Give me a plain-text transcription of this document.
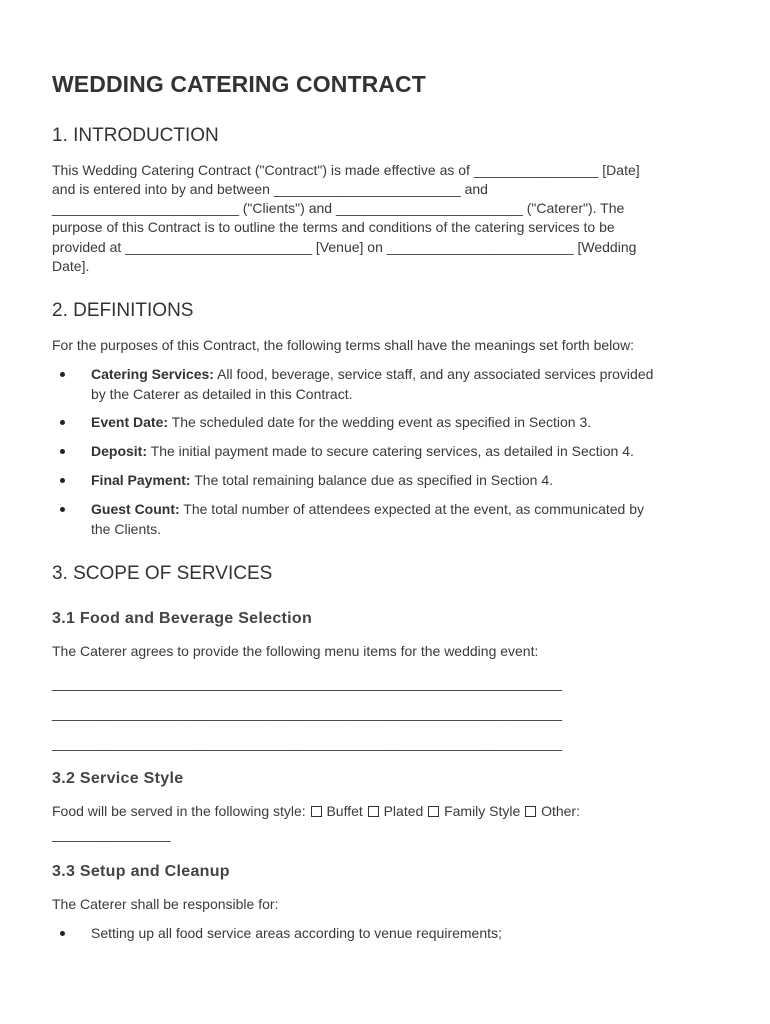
WEDDING CATERING CONTRACT
1. INTRODUCTION

This Wedding Catering Contract ("Contract") is made effective as of ________________ [Date]

and is entered into by and between ________________________ and

________________________ ("Clients") and ________________________ ("Caterer"). The

purpose of this Contract is to outline the terms and conditions of the catering services to be

provided at ________________________ [Venue] on ________________________ [Wedding

Date].

2. DEFINITIONS

For the purposes of this Contract, the following terms shall have the meanings set forth below:

Catering Services: All food, beverage, service staff, and any associated services provided
by the Caterer as detailed in this Contract.
Event Date: The scheduled date for the wedding event as specified in Section 3.
Deposit: The initial payment made to secure catering services, as detailed in Section 4.
Final Payment: The total remaining balance due as specified in Section 4.
Guest Count: The total number of attendees expected at the event, as communicated by
the Clients.
3. SCOPE OF SERVICES
3.1 Food and Beverage Selection

The Caterer agrees to provide the following menu items for the wedding event:

_____________________________________________________________________
_____________________________________________________________________
_____________________________________________________________________
3.2 Service Style

Food will be served in the following style: Buffet Plated Family Style Other:

________________
3.3 Setup and Cleanup

The Caterer shall be responsible for:

Setting up all food service areas according to venue requirements;
